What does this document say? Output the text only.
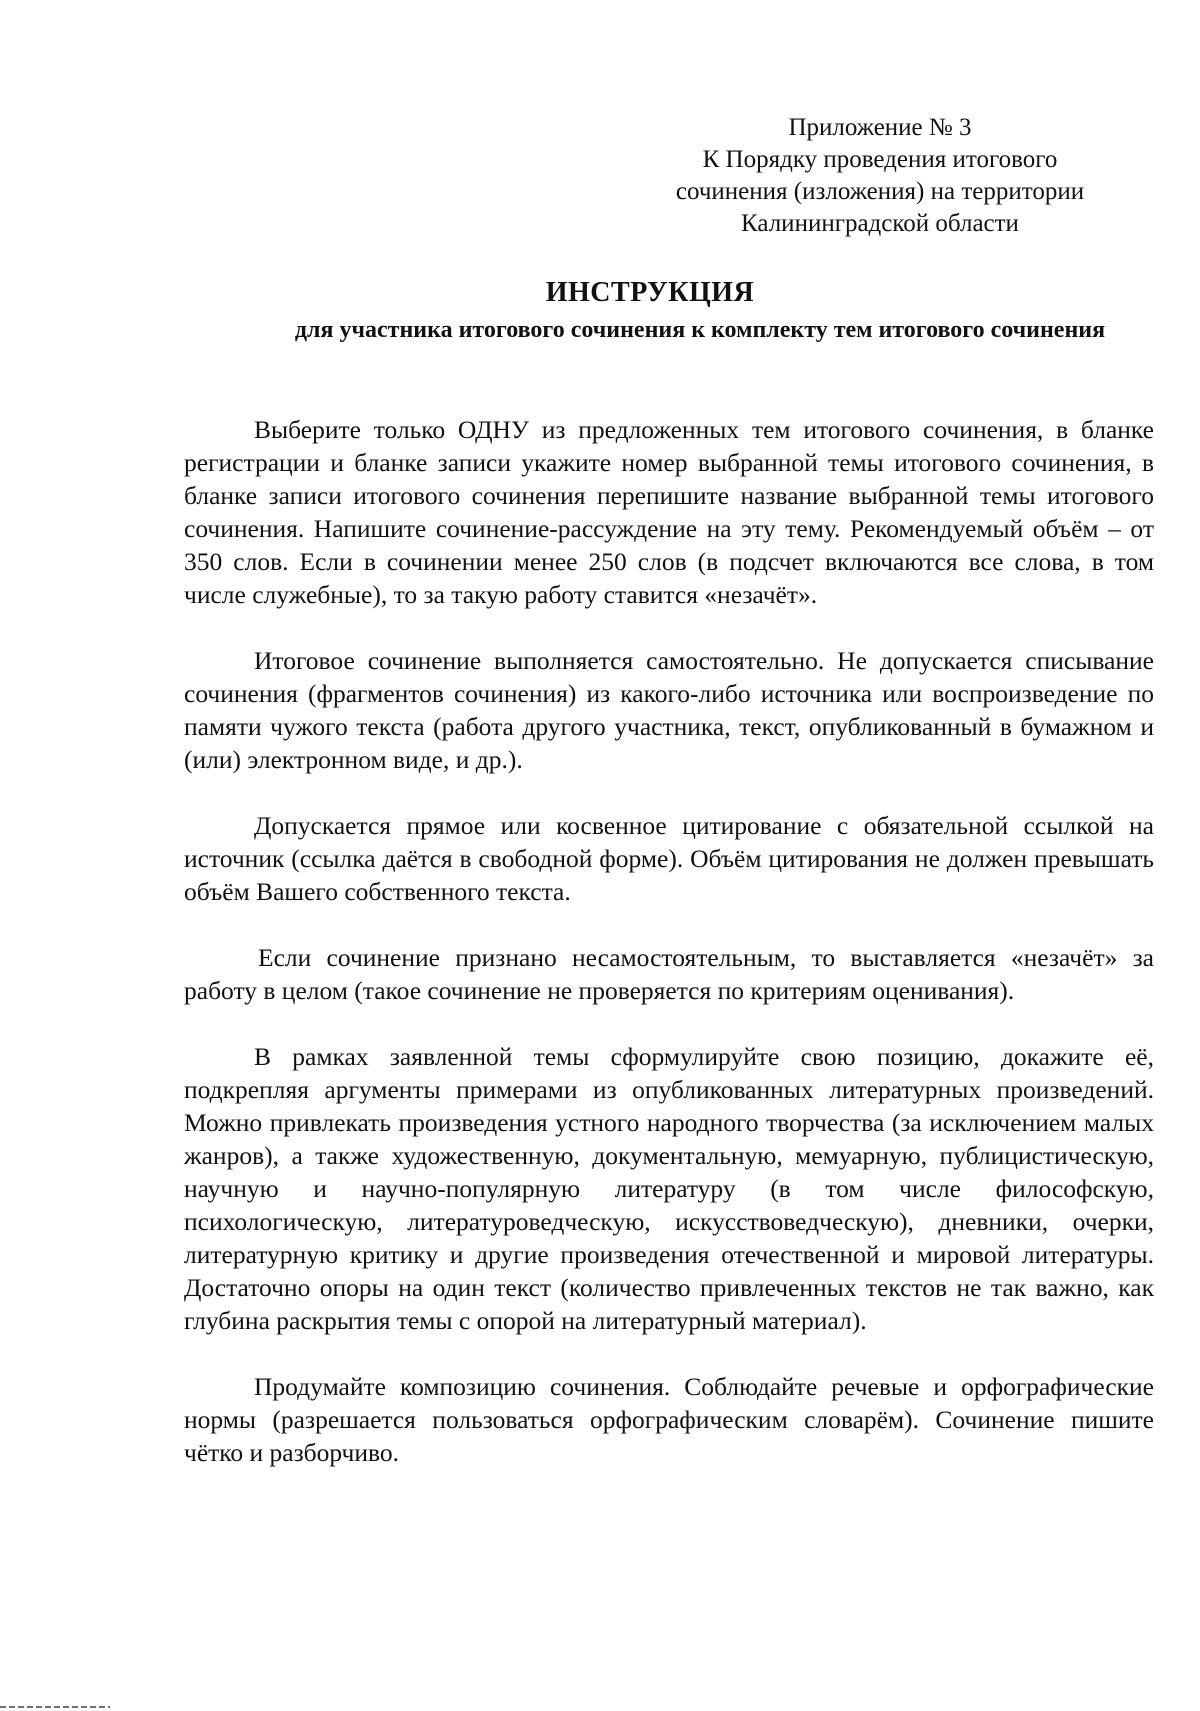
Приложение № 3
К Порядку проведения итогового
сочинения (изложения) на территории
Калининградской области
ИНСТРУКЦИЯ
для участника итогового сочинения к комплекту тем итогового сочинения

Выберите только ОДНУ из предложенных тем итогового сочинения, в бланке регистрации и бланке записи укажите номер выбранной темы итогового сочинения, в бланке записи итогового сочинения перепишите название выбранной темы итогового сочинения. Напишите сочинение-рассуждение на эту тему. Рекомендуемый объём – от 350 слов. Если в сочинении менее 250 слов (в подсчет включаются все слова, в том числе служебные), то за такую работу ставится «незачёт».

Итоговое сочинение выполняется самостоятельно. Не допускается списывание сочинения (фрагментов сочинения) из какого-либо источника или воспроизведение по памяти чужого текста (работа другого участника, текст, опубликованный в бумажном и (или) электронном виде, и др.).

Допускается прямое или косвенное цитирование с обязательной ссылкой на источник (ссылка даётся в свободной форме). Объём цитирования не должен превышать объём Вашего собственного текста.

Если сочинение признано несамостоятельным, то выставляется «незачёт» за работу в целом (такое сочинение не проверяется по критериям оценивания).

В рамках заявленной темы сформулируйте свою позицию, докажите её, подкрепляя аргументы примерами из опубликованных литературных произведений. Можно привлекать произведения устного народного творчества (за исключением малых жанров), а также художественную, документальную, мемуарную, публицистическую, научную и научно-популярную литературу (в том числе философскую, психологическую, литературоведческую, искусствоведческую), дневники, очерки, литературную критику и другие произведения отечественной и мировой литературы. Достаточно опоры на один текст (количество привлеченных текстов не так важно, как глубина раскрытия темы с опорой на литературный материал).

Продумайте композицию сочинения. Соблюдайте речевые и орфографические нормы (разрешается пользоваться орфографическим словарём). Сочинение пишите чётко и разборчиво.
